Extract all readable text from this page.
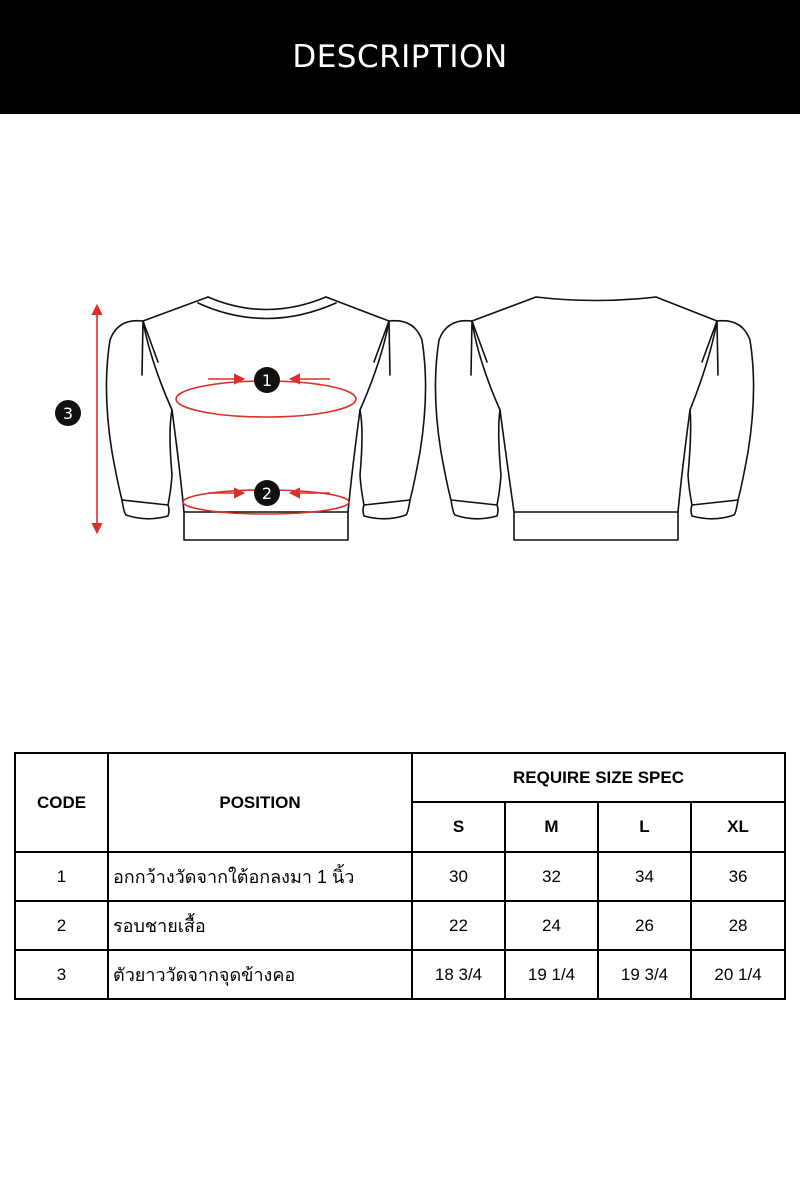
DESCRIPTION
1
2
3
CODE	POSITION	REQUIRE SIZE SPEC			
		S	M	L	XL
1	อกกว้างวัดจากใต้อกลงมา 1 นิ้ว	30	32	34	36
2	รอบชายเสื้อ	22	24	26	28
3	ตัวยาววัดจากจุดข้างคอ	18 3/4	19 1/4	19 3/4	20 1/4
